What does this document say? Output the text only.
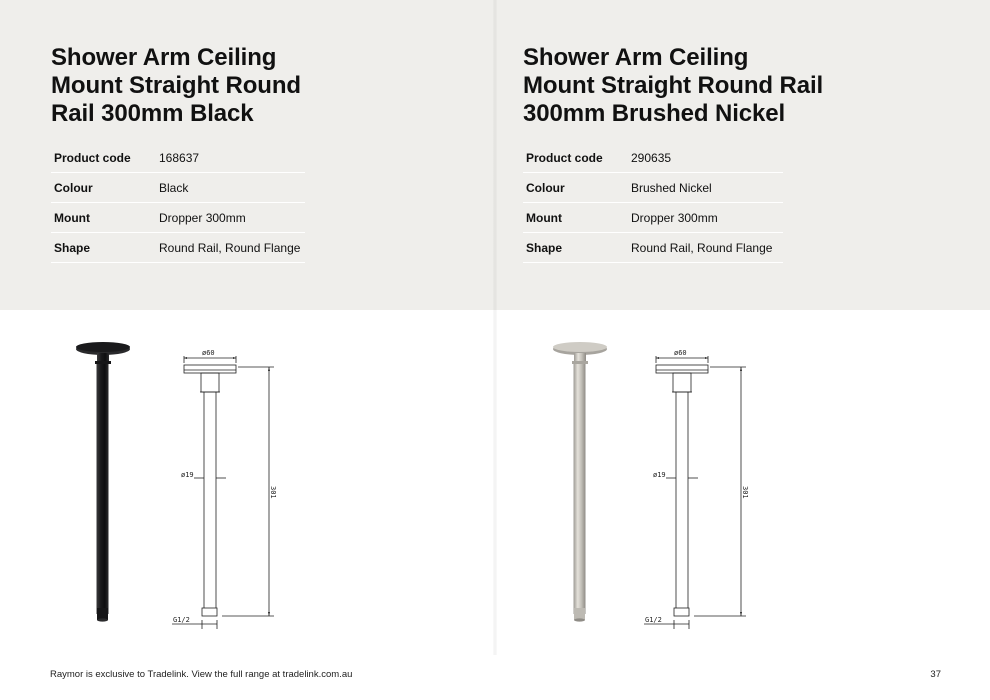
Shower Arm Ceiling
Mount Straight Round
Rail 300mm Black
Product code 168637
Colour	Black
Mount	Dropper 300mm
Shape	Round Rail, Round Flange
Shower Arm Ceiling
Mount Straight Round Rail
300mm Brushed Nickel
Product code 290635
Colour	Brushed Nickel
Mount	Dropper 300mm
Shape	Round Rail, Round Flange
ø60
ø19
G1/2
301
ø60
ø19
G1/2
301
Raymor is exclusive to Tradelink. View the full range at tradelink.com.au	37
